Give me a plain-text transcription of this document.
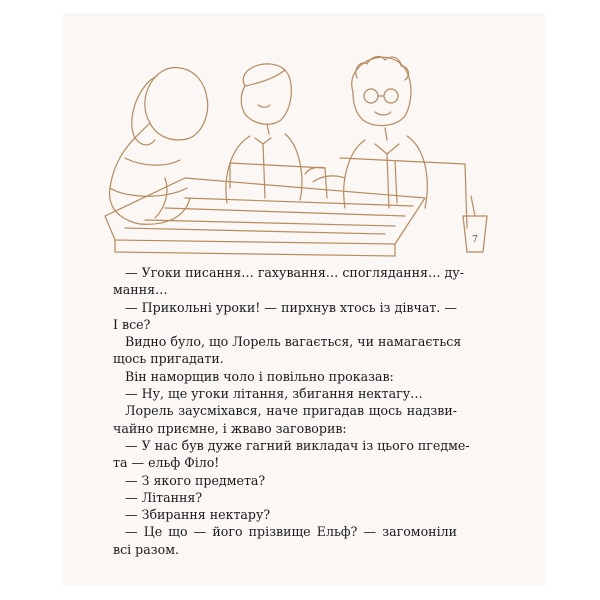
7
— Угоки писання… гахування… споглядання… ду-
мання…
— Прикольні уроки! — пирхнув хтось із дівчат. —
І все?
Видно було, що Лорель вагається, чи намагається
щось пригадати.
Він наморщив чоло і повільно проказав:
— Ну, ще угоки літання, збигання нектагу…
Лорель заусміхався, наче пригадав щось надзви-
чайно приємне, і жваво заговорив:
— У нас був дуже гагний викладач із цього пгедме-
та — ельф Філо!
— З якого предмета?
— Літання?
— Збирання нектару?
— Це що — його прізвище Ельф? — загомоніли
всі разом.
